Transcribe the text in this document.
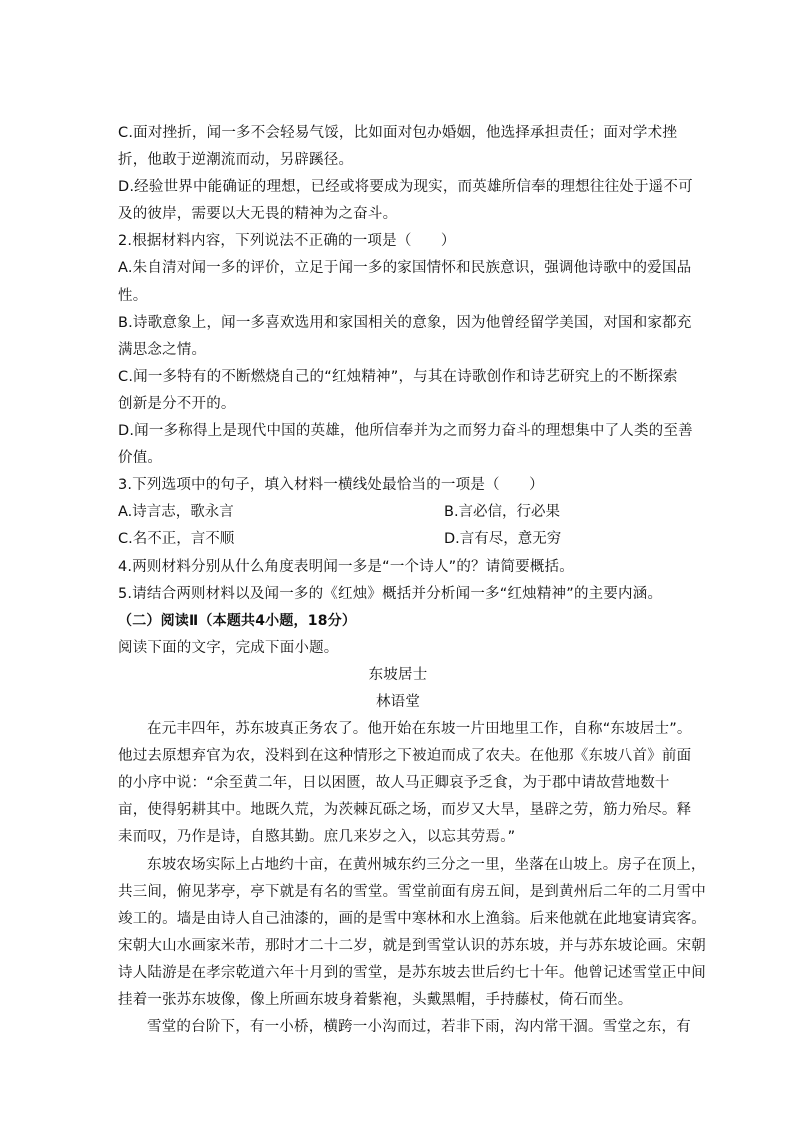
C.面对挫折，闻一多不会轻易气馁，比如面对包办婚姻，他选择承担责任；面对学术挫
折，他敢于逆潮流而动，另辟蹊径。
D.经验世界中能确证的理想，已经或将要成为现实，而英雄所信奉的理想往往处于遥不可
及的彼岸，需要以大无畏的精神为之奋斗。
2.根据材料内容，下列说法不正确的一项是（　　）
A.朱自清对闻一多的评价，立足于闻一多的家国情怀和民族意识，强调他诗歌中的爱国品
性。
B.诗歌意象上，闻一多喜欢选用和家国相关的意象，因为他曾经留学美国，对国和家都充
满思念之情。
C.闻一多特有的不断燃烧自己的“红烛精神”，与其在诗歌创作和诗艺研究上的不断探索
创新是分不开的。
D.闻一多称得上是现代中国的英雄，他所信奉并为之而努力奋斗的理想集中了人类的至善
价值。
3.下列选项中的句子，填入材料一横线处最恰当的一项是（　　）
A.诗言志，歌永言	B.言必信，行必果
C.名不正，言不顺	D.言有尽，意无穷
4.两则材料分别从什么角度表明闻一多是“一个诗人”的？请简要概括。
5.请结合两则材料以及闻一多的《红烛》概括并分析闻一多“红烛精神”的主要内涵。
（二）阅读Ⅱ（本题共4小题，18分）
阅读下面的文字，完成下面小题。
东坡居士
林语堂
在元丰四年，苏东坡真正务农了。他开始在东坡一片田地里工作，自称“东坡居士”。
他过去原想弃官为农，没料到在这种情形之下被迫而成了农夫。在他那《东坡八首》前面
的小序中说：“余至黄二年，日以困匮，故人马正卿哀予乏食，为于郡中请故营地数十
亩，使得躬耕其中。地既久荒，为茨棘瓦砾之场，而岁又大旱，垦辟之劳，筋力殆尽。释
耒而叹，乃作是诗，自愍其勤。庶几来岁之入，以忘其劳焉。”
东坡农场实际上占地约十亩，在黄州城东约三分之一里，坐落在山坡上。房子在顶上，
共三间，俯见茅亭，亭下就是有名的雪堂。雪堂前面有房五间，是到黄州后二年的二月雪中
竣工的。墙是由诗人自己油漆的，画的是雪中寒林和水上渔翁。后来他就在此地宴请宾客。
宋朝大山水画家米芾，那时才二十二岁，就是到雪堂认识的苏东坡，并与苏东坡论画。宋朝
诗人陆游是在孝宗乾道六年十月到的雪堂，是苏东坡去世后约七十年。他曾记述雪堂正中间
挂着一张苏东坡像，像上所画东坡身着紫袍，头戴黑帽，手持藤杖，倚石而坐。
雪堂的台阶下，有一小桥，横跨一小沟而过，若非下雨，沟内常干涸。雪堂之东，有
